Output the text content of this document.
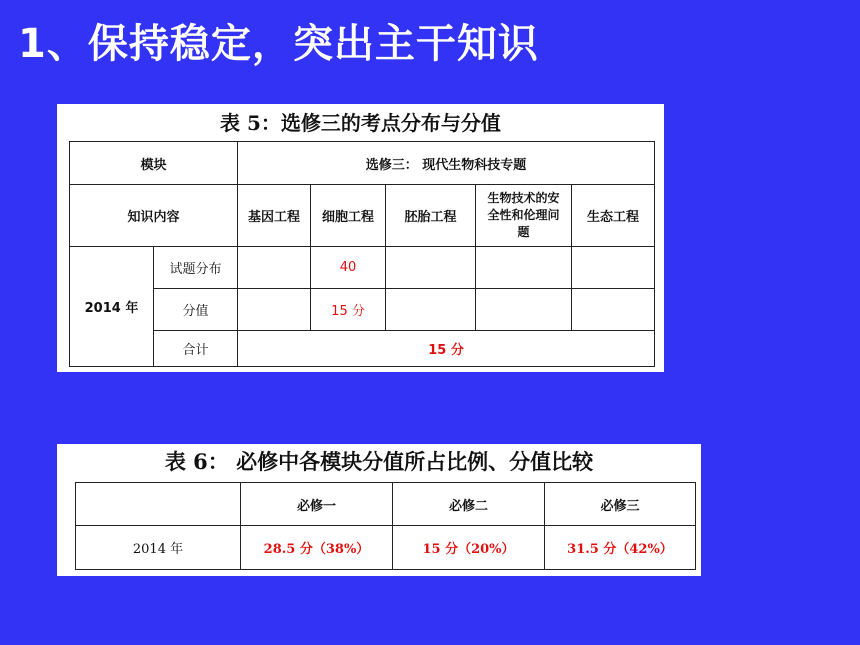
1、保持稳定，突出主干知识
表 5：选修三的考点分布与分值
模块		选修三： 现代生物科技专题				
知识内容		基因工程	细胞工程	胚胎工程	生物技术的安全性和伦理问题	生态工程
2014 年	试题分布		40			
	分值		15 分			
	合计	15 分				
表 6： 必修中各模块分值所占比例、分值比较
	必修一	必修二	必修三
2014 年	28.5 分（38%）	15 分（20%）	31.5 分（42%）
